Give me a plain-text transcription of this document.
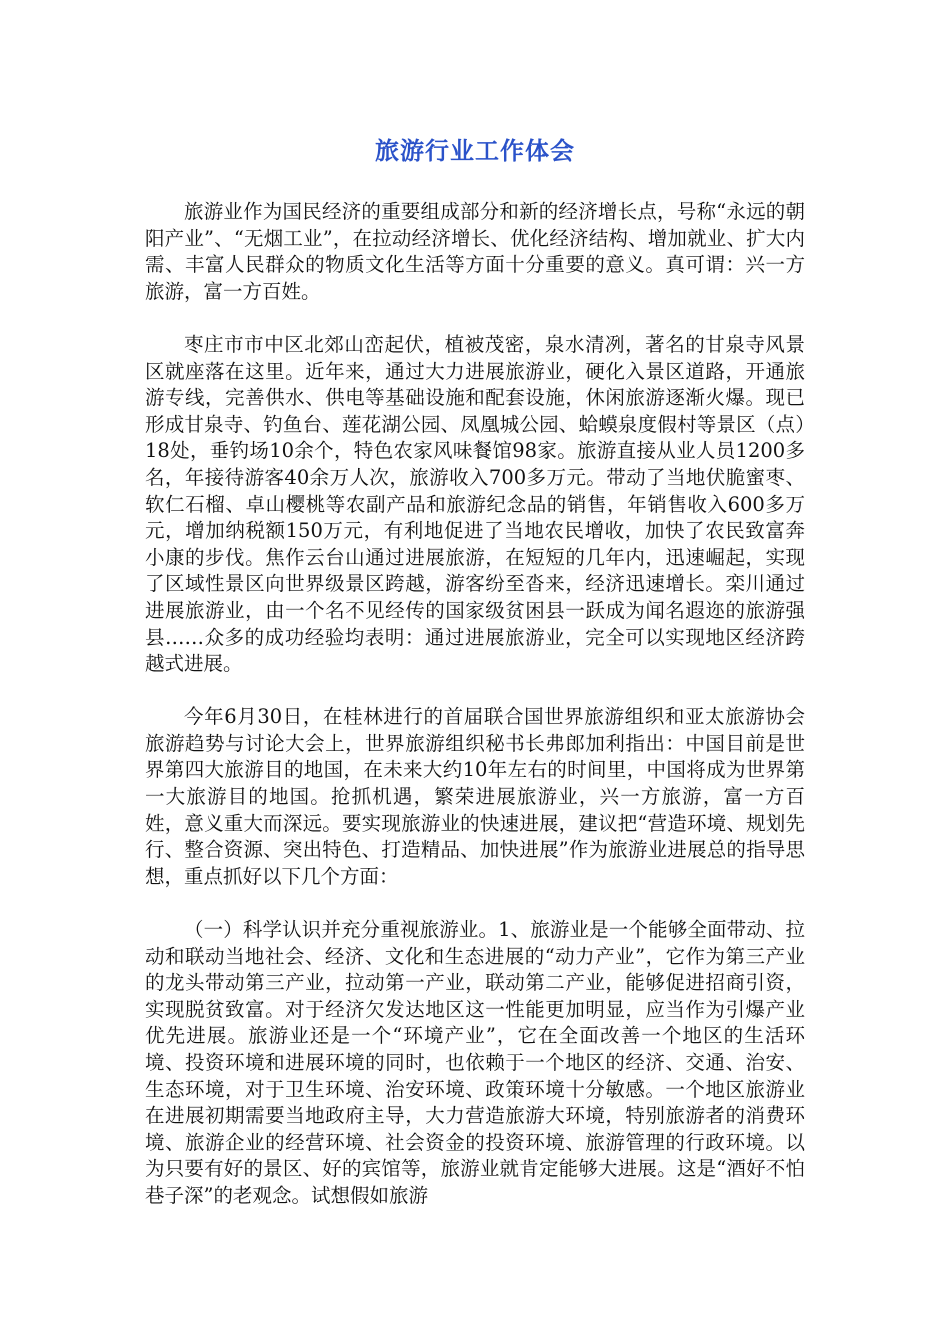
旅游行业工作体会

旅游业作为国民经济的重要组成部分和新的经济增长点，号称“永远的朝阳产业”、“无烟工业”，在拉动经济增长、优化经济结构、增加就业、扩大内需、丰富人民群众的物质文化生活等方面十分重要的意义。真可谓：兴一方旅游，富一方百姓。

枣庄市市中区北郊山峦起伏，植被茂密，泉水清冽，著名的甘泉寺风景区就座落在这里。近年来，通过大力进展旅游业，硬化入景区道路，开通旅游专线，完善供水、供电等基础设施和配套设施，休闲旅游逐渐火爆。现已形成甘泉寺、钓鱼台、莲花湖公园、凤凰城公园、蛤蟆泉度假村等景区（点）18处，垂钓场10余个，特色农家风味餐馆98家。旅游直接从业人员1200多名，年接待游客40余万人次，旅游收入700多万元。带动了当地伏脆蜜枣、软仁石榴、卓山樱桃等农副产品和旅游纪念品的销售，年销售收入600多万元，增加纳税额150万元，有利地促进了当地农民增收，加快了农民致富奔小康的步伐。焦作云台山通过进展旅游，在短短的几年内，迅速崛起，实现了区域性景区向世界级景区跨越，游客纷至沓来，经济迅速增长。栾川通过进展旅游业，由一个名不见经传的国家级贫困县一跃成为闻名遐迩的旅游强县……众多的成功经验均表明：通过进展旅游业，完全可以实现地区经济跨越式进展。

今年6月30日，在桂林进行的首届联合国世界旅游组织和亚太旅游协会旅游趋势与讨论大会上，世界旅游组织秘书长弗郎加利指出：中国目前是世界第四大旅游目的地国，在未来大约10年左右的时间里，中国将成为世界第一大旅游目的地国。抢抓机遇，繁荣进展旅游业，兴一方旅游，富一方百姓，意义重大而深远。要实现旅游业的快速进展，建议把“营造环境、规划先行、整合资源、突出特色、打造精品、加快进展”作为旅游业进展总的指导思想，重点抓好以下几个方面：

（一）科学认识并充分重视旅游业。1、旅游业是一个能够全面带动、拉动和联动当地社会、经济、文化和生态进展的“动力产业”，它作为第三产业的龙头带动第三产业，拉动第一产业，联动第二产业，能够促进招商引资，实现脱贫致富。对于经济欠发达地区这一性能更加明显，应当作为引爆产业优先进展。旅游业还是一个“环境产业”，它在全面改善一个地区的生活环境、投资环境和进展环境的同时，也依赖于一个地区的经济、交通、治安、生态环境，对于卫生环境、治安环境、政策环境十分敏感。一个地区旅游业在进展初期需要当地政府主导，大力营造旅游大环境，特别旅游者的消费环境、旅游企业的经营环境、社会资金的投资环境、旅游管理的行政环境。以为只要有好的景区、好的宾馆等，旅游业就肯定能够大进展。这是“酒好不怕巷子深”的老观念。试想假如旅游
